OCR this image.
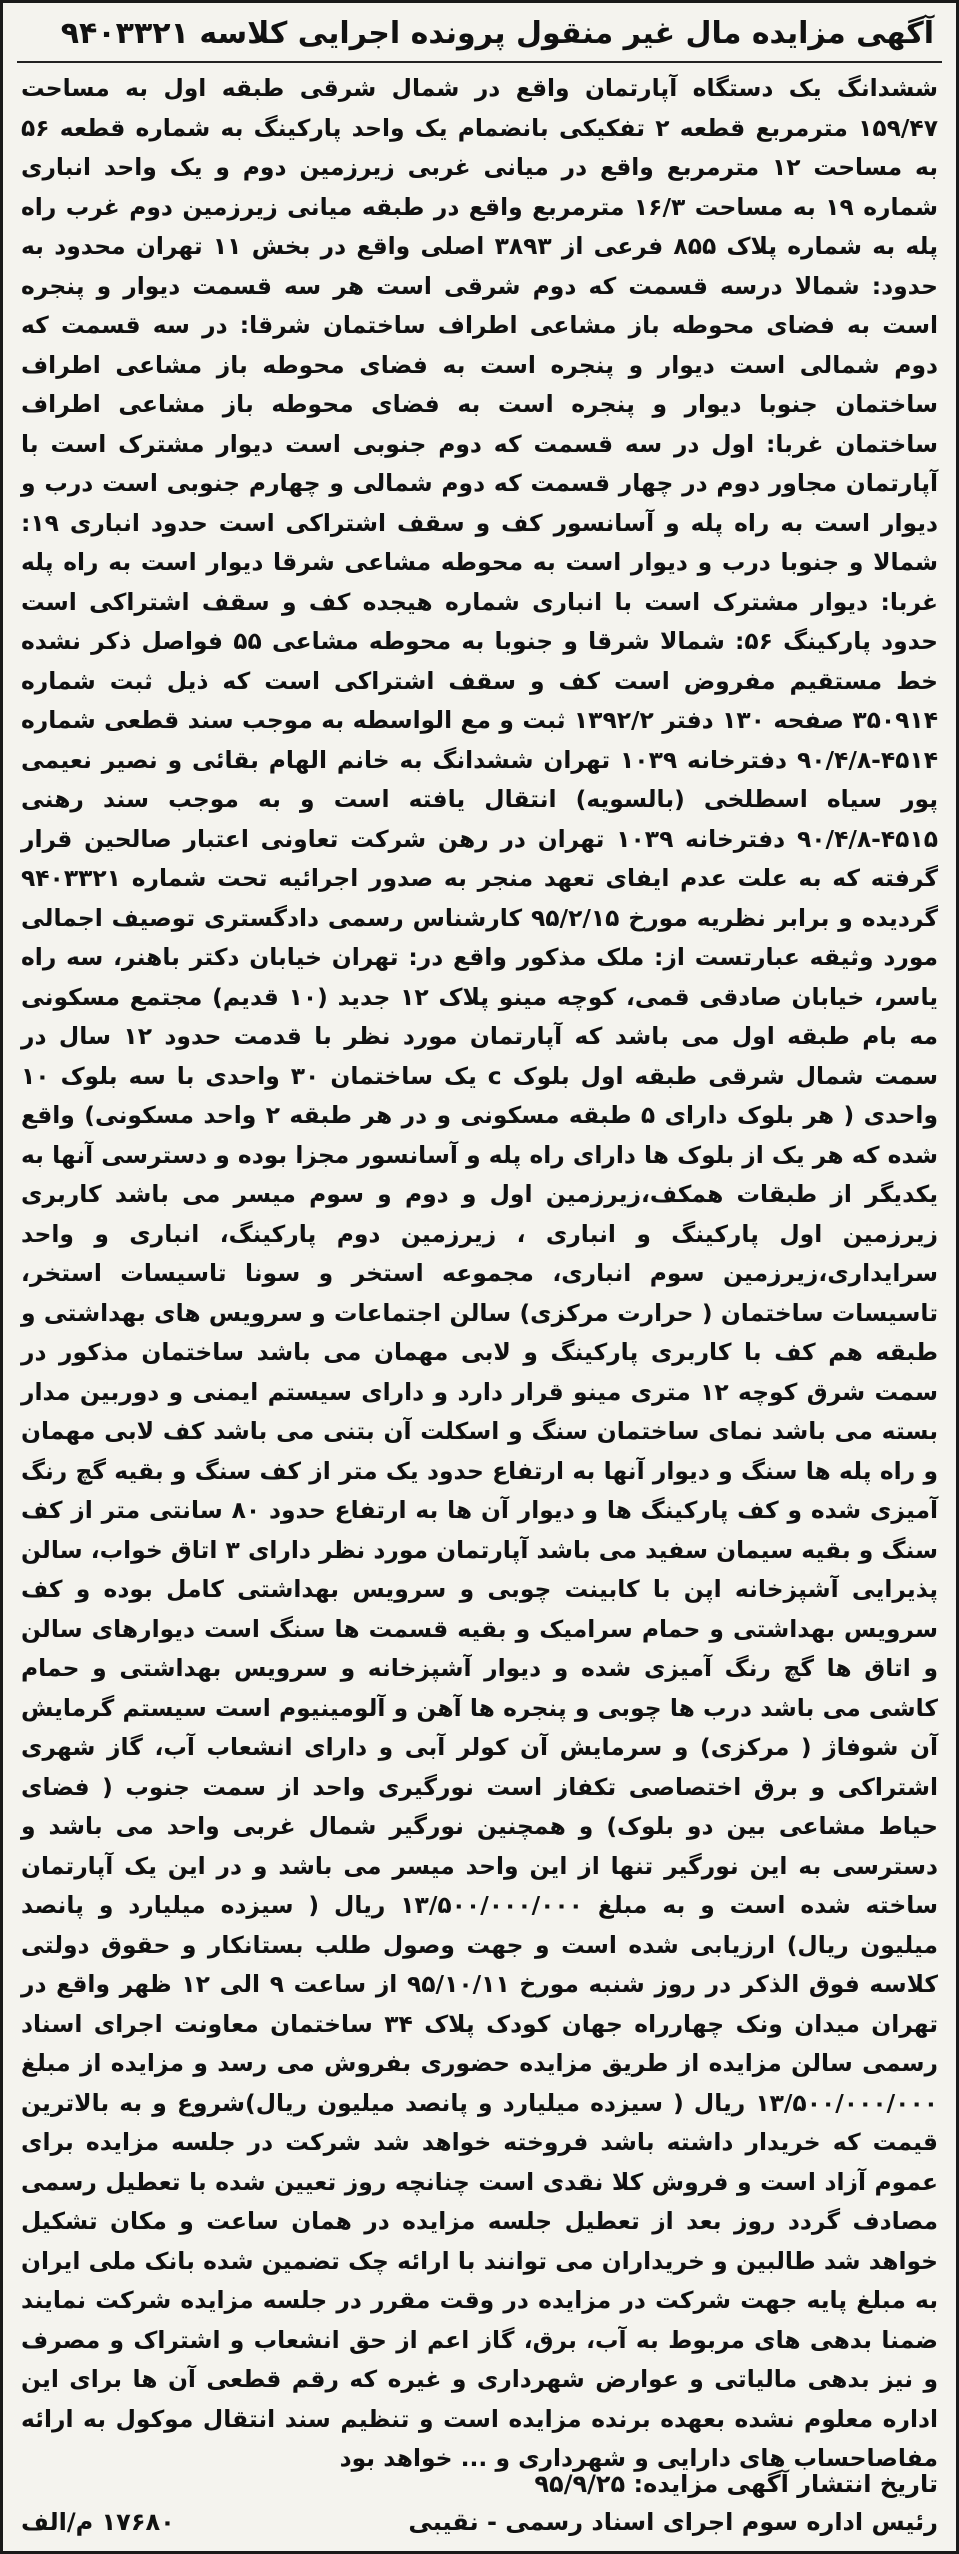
آگهی مزایده مال غیر منقول پرونده اجرایی کلاسه ۹۴۰۳۳۲۱
ششدانگ یک دستگاه آپارتمان واقع در شمال شرقی طبقه اول به مساحت ۱۵۹/۴۷ مترمربع قطعه ۲ تفکیکی بانضمام یک واحد پارکینگ به شماره قطعه ۵۶ به مساحت ۱۲ مترمربع واقع در میانی غربی زیرزمین دوم و یک واحد انباری شماره ۱۹ به مساحت ۱۶/۳ مترمربع واقع در طبقه میانی زیرزمین دوم غرب راه پله به شماره پلاک ۸۵۵ فرعی از ۳۸۹۳ اصلی واقع در بخش ۱۱ تهران محدود به حدود: شمالا درسه قسمت که دوم شرقی است هر سه قسمت دیوار و پنجره است به فضای محوطه باز مشاعی اطراف ساختمان شرقا: در سه قسمت که دوم شمالی است دیوار و پنجره است به فضای محوطه باز مشاعی اطراف ساختمان جنوبا دیوار و پنجره است به فضای محوطه باز مشاعی اطراف ساختمان غربا: اول در سه قسمت که دوم جنوبی است دیوار مشترک است با آپارتمان مجاور دوم در چهار قسمت که دوم شمالی و چهارم جنوبی است درب و دیوار است به راه پله و آسانسور کف و سقف اشتراکی است حدود انباری ۱۹: شمالا و جنوبا درب و دیوار است به محوطه مشاعی شرقا دیوار است به راه پله غربا: دیوار مشترک است با انباری شماره هیجده کف و سقف اشتراکی است حدود پارکینگ ۵۶: شمالا شرقا و جنوبا به محوطه مشاعی ۵۵ فواصل ذکر نشده خط مستقیم مفروض است کف و سقف اشتراکی است که ذیل ثبت شماره ۳۵۰۹۱۴ صفحه ۱۳۰ دفتر ۱۳۹۲/۲ ثبت و مع الواسطه به موجب سند قطعی شماره ۴۵۱۴-۹۰/۴/۸ دفترخانه ۱۰۳۹ تهران ششدانگ به خانم الهام بقائی و نصیر نعیمی پور سیاه اسطلخی (بالسویه) انتقال یافته است و به موجب سند رهنی ۴۵۱۵-۹۰/۴/۸ دفترخانه ۱۰۳۹ تهران در رهن شرکت تعاونی اعتبار صالحین قرار گرفته که به علت عدم ایفای تعهد منجر به صدور اجرائیه تحت شماره ۹۴۰۳۳۲۱ گردیده و برابر نظریه مورخ ۹۵/۲/۱۵ کارشناس رسمی دادگستری توصیف اجمالی مورد وثیقه عبارتست از: ملک مذکور واقع در: تهران خیابان دکتر باهنر، سه راه یاسر، خیابان صادقی قمی، کوچه مینو پلاک ۱۲ جدید (۱۰ قدیم) مجتمع مسکونی مه بام طبقه اول می باشد که آپارتمان مورد نظر با قدمت حدود ۱۲ سال در سمت شمال شرقی طبقه اول بلوک c یک ساختمان ۳۰ واحدی با سه بلوک ۱۰ واحدی ( هر بلوک دارای ۵ طبقه مسکونی و در هر طبقه ۲ واحد مسکونی) واقع شده که هر یک از بلوک ها دارای راه پله و آسانسور مجزا بوده و دسترسی آنها به یکدیگر از طبقات همکف،زیرزمین اول و دوم و سوم میسر می باشد کاربری زیرزمین اول پارکینگ و انباری ، زیرزمین دوم پارکینگ، انباری و واحد سرایداری،زیرزمین سوم انباری، مجموعه استخر و سونا تاسیسات استخر، تاسیسات ساختمان ( حرارت مرکزی) سالن اجتماعات و سرویس های بهداشتی و طبقه هم کف با کاربری پارکینگ و لابی مهمان می باشد ساختمان مذکور در سمت شرق کوچه ۱۲ متری مینو قرار دارد و دارای سیستم ایمنی و دوربین مدار بسته می باشد نمای ساختمان سنگ و اسکلت آن بتنی می باشد کف لابی مهمان و راه پله ها سنگ و دیوار آنها به ارتفاع حدود یک متر از کف سنگ و بقیه گچ رنگ آمیزی شده و کف پارکینگ ها و دیوار آن ها به ارتفاع حدود ۸۰ سانتی متر از کف سنگ و بقیه سیمان سفید می باشد آپارتمان مورد نظر دارای ۳ اتاق خواب، سالن پذیرایی آشپزخانه اپن با کابینت چوبی و سرویس بهداشتی کامل بوده و کف سرویس بهداشتی و حمام سرامیک و بقیه قسمت ها سنگ است دیوارهای سالن و اتاق ها گچ رنگ آمیزی شده و دیوار آشپزخانه و سرویس بهداشتی و حمام کاشی می باشد درب ها چوبی و پنجره ها آهن و آلومینیوم است سیستم گرمایش آن شوفاژ ( مرکزی) و سرمایش آن کولر آبی و دارای انشعاب آب، گاز شهری اشتراکی و برق اختصاصی تکفاز است نورگیری واحد از سمت جنوب ( فضای حیاط مشاعی بین دو بلوک) و همچنین نورگیر شمال غربی واحد می باشد و دسترسی به این نورگیر تنها از این واحد میسر می باشد و در این یک آپارتمان ساخته شده است و به مبلغ ۱۳/۵۰۰/۰۰۰/۰۰۰ ریال ( سیزده میلیارد و پانصد میلیون ریال) ارزیابی شده است و جهت وصول طلب بستانکار و حقوق دولتی کلاسه فوق الذکر در روز شنبه مورخ ۹۵/۱۰/۱۱ از ساعت ۹ الی ۱۲ ظهر واقع در تهران میدان ونک چهارراه جهان کودک پلاک ۳۴ ساختمان معاونت اجرای اسناد رسمی سالن مزایده از طریق مزایده حضوری بفروش می رسد و مزایده از مبلغ ۱۳/۵۰۰/۰۰۰/۰۰۰ ریال ( سیزده میلیارد و پانصد میلیون ریال)شروع و به بالاترین قیمت که خریدار داشته باشد فروخته خواهد شد شرکت در جلسه مزایده برای عموم آزاد است و فروش کلا نقدی است چنانچه روز تعیین شده با تعطیل رسمی مصادف گردد روز بعد از تعطیل جلسه مزایده در همان ساعت و مکان تشکیل خواهد شد طالبین و خریداران می توانند با ارائه چک تضمین شده بانک ملی ایران به مبلغ پایه جهت شرکت در مزایده در وقت مقرر در جلسه مزایده شرکت نمایند ضمنا بدهی های مربوط به آب، برق، گاز اعم از حق انشعاب و اشتراک و مصرف و نیز بدهی مالیاتی و عوارض شهرداری و غیره که رقم قطعی آن ها برای این اداره معلوم نشده بعهده برنده مزایده است و تنظیم سند انتقال موکول به ارائه مفاصاحساب های دارایی و شهرداری و ... خواهد بود
تاریخ انتشار آگهی مزایده: ۹۵/۹/۲۵
رئیس اداره سوم اجرای اسناد رسمی - نقیبی
۱۷۶۸۰ م/الف
